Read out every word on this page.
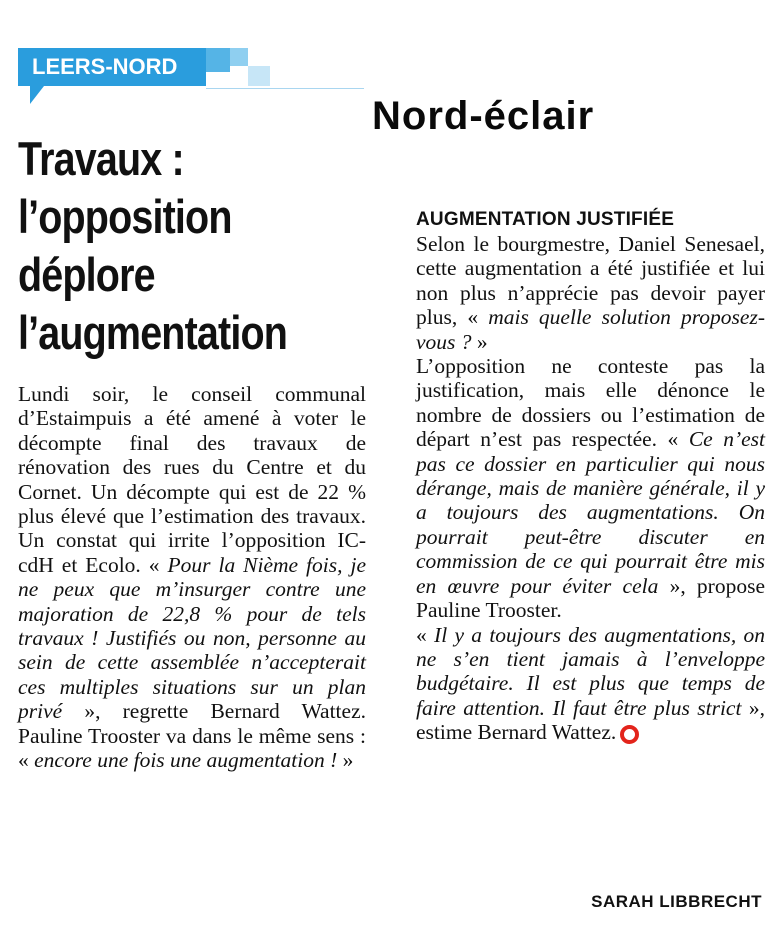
LEERS-NORD
Nord-éclair
Travaux :
l’opposition
déplore
l’augmentation

Lundi soir, le conseil communal d’Estaimpuis a été amené à voter le décompte final des travaux de rénovation des rues du Centre et du Cornet. Un décompte qui est de 22 % plus élevé que l’estimation des travaux. Un constat qui irrite l’opposition IC-cdH et Ecolo. « Pour la Nième fois, je ne peux que m’insurger contre une majoration de 22,8 % pour de tels travaux ! Justifiés ou non, personne au sein de cette assemblée n’accepterait ces multiples situations sur un plan privé », regrette Bernard Wattez. Pauline Trooster va dans le même sens : « encore une fois une augmentation ! »

AUGMENTATION JUSTIFIÉE

Selon le bourgmestre, Daniel Senesael, cette augmentation a été justifiée et lui non plus n’apprécie pas devoir payer plus, « mais quelle solution proposez-vous ? »

L’opposition ne conteste pas la justification, mais elle dénonce le nombre de dossiers ou l’estimation de départ n’est pas respectée. « Ce n’est pas ce dossier en particulier qui nous dérange, mais de manière générale, il y a toujours des augmentations. On pourrait peut-être discuter en commission de ce qui pourrait être mis en œuvre pour éviter cela », propose Pauline Trooster.

« Il y a toujours des augmentations, on ne s’en tient jamais à l’enveloppe budgétaire. Il est plus que temps de faire attention. Il faut être plus strict », estime Bernard Wattez.

SARAH LIBBRECHT
